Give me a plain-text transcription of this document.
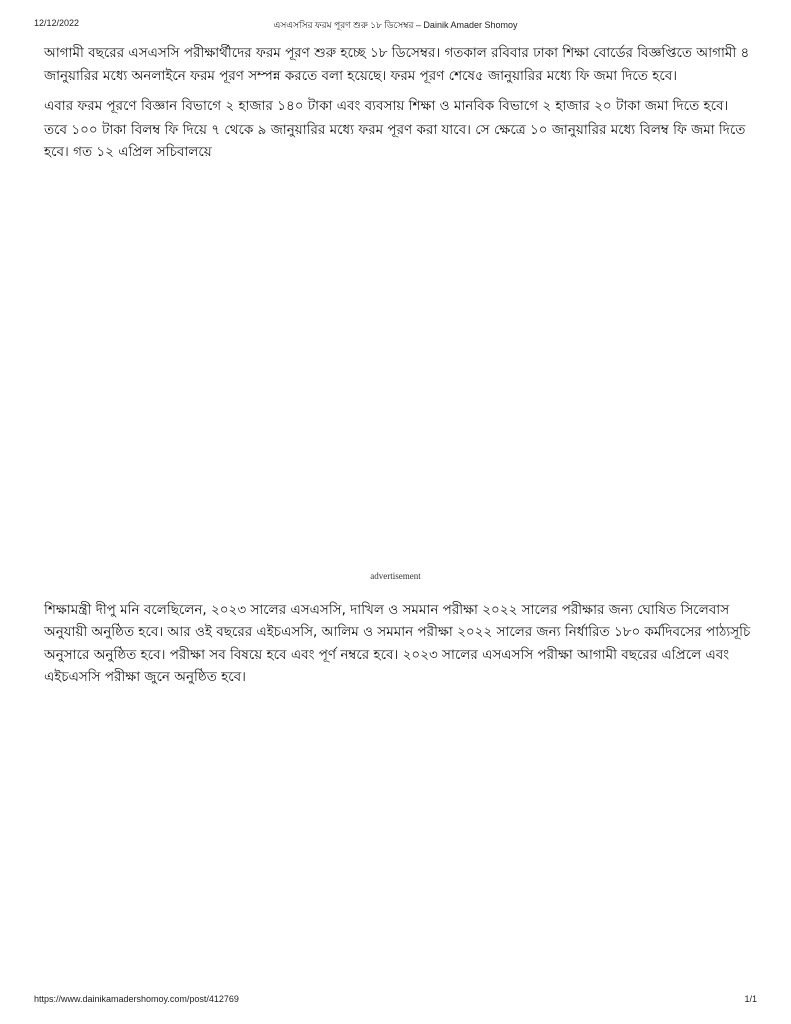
12/12/2022	এসএসসির ফরম পূরণ শুরু ১৮ ডিসেম্বর – Dainik Amader Shomoy
আগামী বছরের এসএসসি পরীক্ষার্থীদের ফরম পূরণ শুরু হচ্ছে ১৮ ডিসেম্বর। গতকাল রবিবার ঢাকা শিক্ষা বোর্ডের বিজ্ঞপ্তিতে আগামী ৪
জানুয়ারির মধ্যে অনলাইনে ফরম পূরণ সম্পন্ন করতে বলা হয়েছে। ফরম পূরণ শেষে৫ জানুয়ারির মধ্যে ফি জমা দিতে হবে।
এবার ফরম পূরণে বিজ্ঞান বিভাগে ২ হাজার ১৪০ টাকা এবং ব্যবসায় শিক্ষা ও মানবিক বিভাগে ২ হাজার ২০ টাকা জমা দিতে হবে।
তবে ১০০ টাকা বিলম্ব ফি দিয়ে ৭ থেকে ৯ জানুয়ারির মধ্যে ফরম পূরণ করা যাবে। সে ক্ষেত্রে ১০ জানুয়ারির মধ্যে বিলম্ব ফি জমা দিতে
হবে। গত ১২ এপ্রিল সচিবালয়ে
advertisement
শিক্ষামন্ত্রী দীপু মনি বলেছিলেন, ২০২৩ সালের এসএসসি, দাখিল ও সমমান পরীক্ষা ২০২২ সালের পরীক্ষার জন্য ঘোষিত সিলেবাস
অনুযায়ী অনুষ্ঠিত হবে। আর ওই বছরের এইচএসসি, আলিম ও সমমান পরীক্ষা ২০২২ সালের জন্য নির্ধারিত ১৮০ কর্মদিবসের পাঠ্যসূচি
অনুসারে অনুষ্ঠিত হবে। পরীক্ষা সব বিষয়ে হবে এবং পূর্ণ নম্বরে হবে। ২০২৩ সালের এসএসসি পরীক্ষা আগামী বছরের এপ্রিলে এবং
এইচএসসি পরীক্ষা জুনে অনুষ্ঠিত হবে।
https://www.dainikamadershomoy.com/post/412769	1/1
